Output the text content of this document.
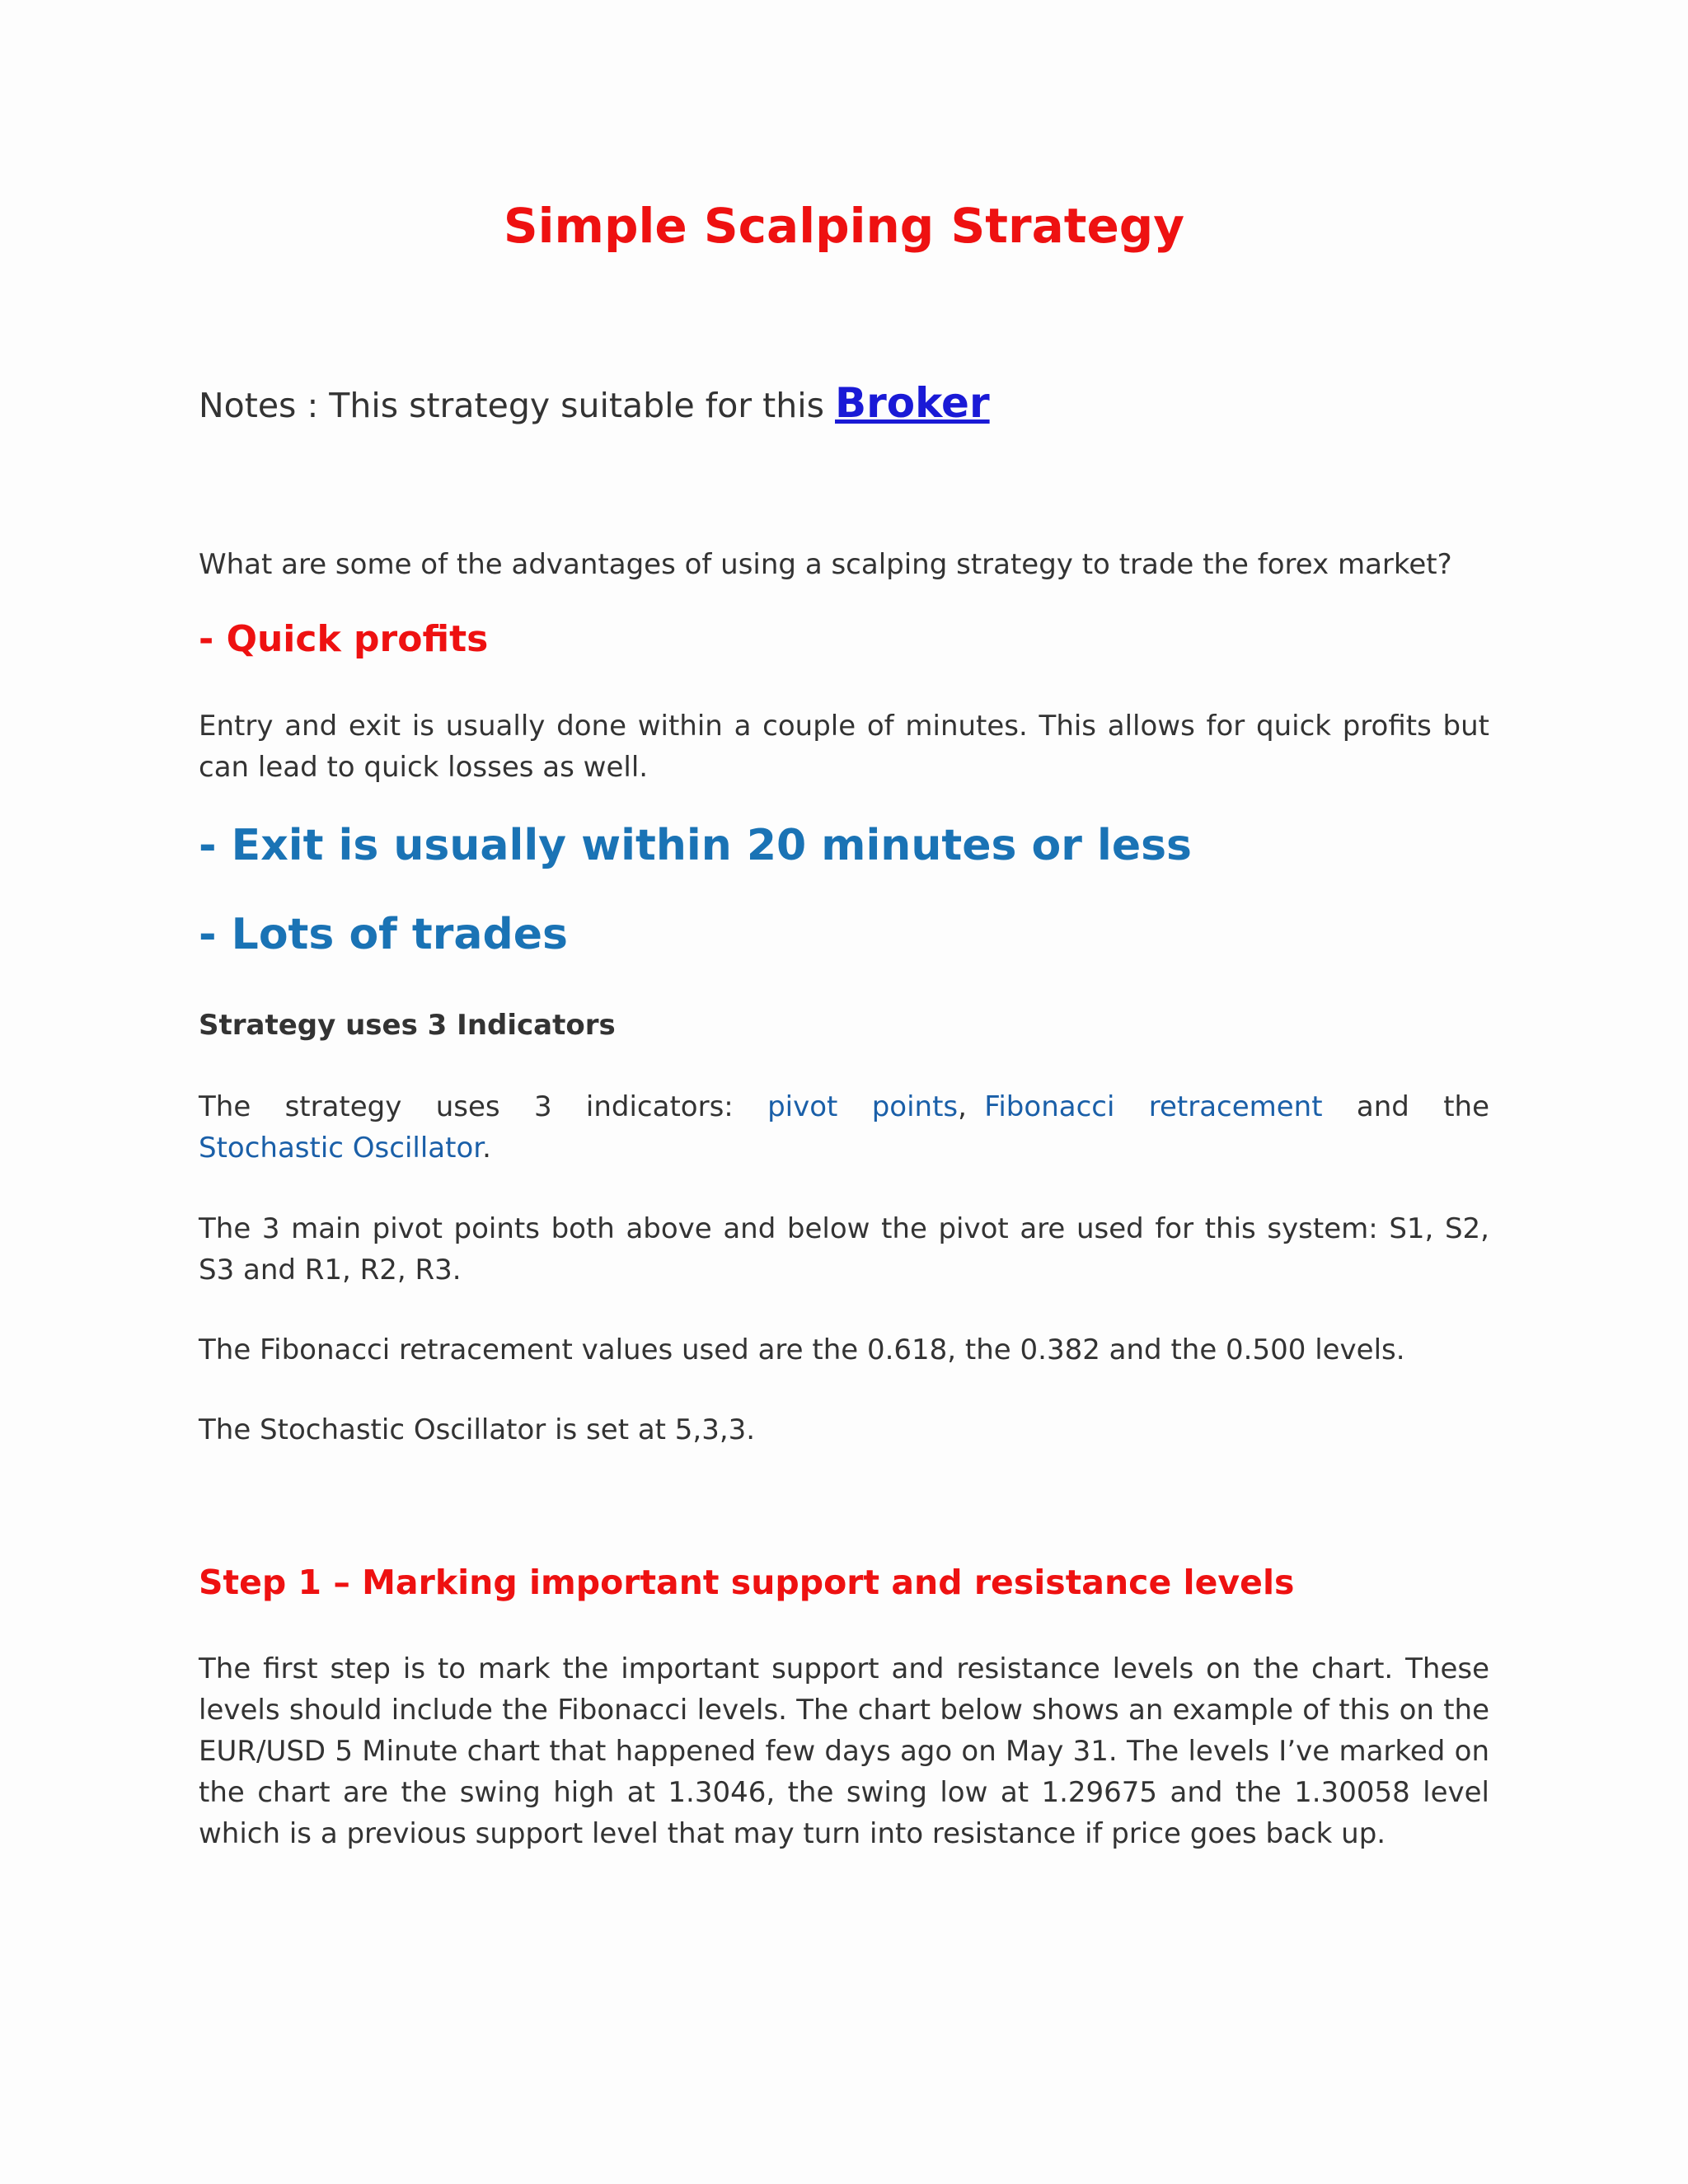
Simple Scalping Strategy

Notes : This strategy suitable for this Broker

What are some of the advantages of using a scalping strategy to trade the forex market?

- Quick profits

Entry and exit is usually done within a couple of minutes. This allows for quick profits but can lead to quick losses as well.

- Exit is usually within 20 minutes or less
- Lots of trades
Strategy uses 3 Indicators

The strategy uses 3 indicators: pivot points, Fibonacci retracement and the Stochastic Oscillator.

The 3 main pivot points both above and below the pivot are used for this system: S1, S2, S3 and R1, R2, R3.

The Fibonacci retracement values used are the 0.618, the 0.382 and the 0.500 levels.

The Stochastic Oscillator is set at 5,3,3.

Step 1 – Marking important support and resistance levels

The first step is to mark the important support and resistance levels on the chart. These levels should include the Fibonacci levels. The chart below shows an example of this on the EUR/USD 5 Minute chart that happened few days ago on May 31. The levels I’ve marked on the chart are the swing high at 1.3046, the swing low at 1.29675 and the 1.30058 level which is a previous support level that may turn into resistance if price goes back up.
